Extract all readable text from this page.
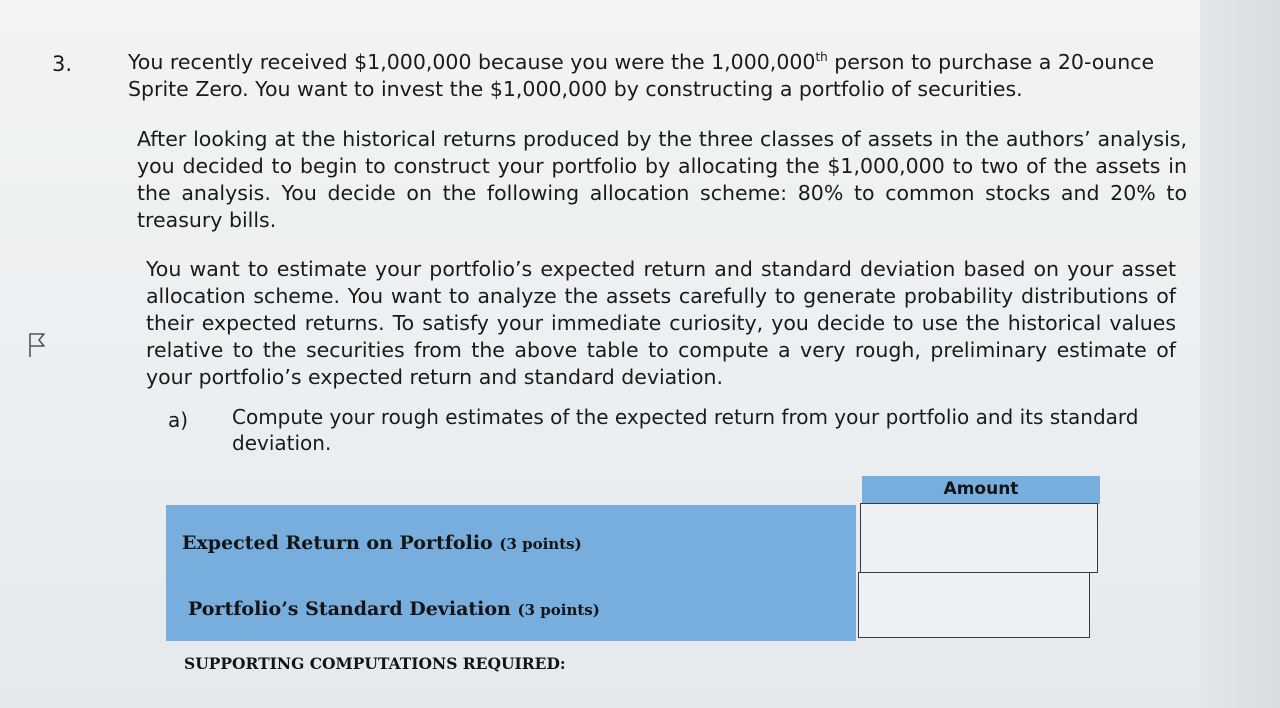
3.	You recently received $1,000,000 because you were the 1,000,000th person to purchase a 20-ounce Sprite Zero. You want to invest the $1,000,000 by constructing a portfolio of securities.

After looking at the historical returns produced by the three classes of assets in the authors’ analysis, you decided to begin to construct your portfolio by allocating the $1,000,000 to two of the assets in the analysis. You decide on the following allocation scheme: 80% to common stocks and 20% to treasury bills.

You want to estimate your portfolio’s expected return and standard deviation based on your asset allocation scheme. You want to analyze the assets carefully to generate probability distributions of their expected returns. To satisfy your immediate curiosity, you decide to use the historical values relative to the securities from the above table to compute a very rough, preliminary estimate of your portfolio’s expected return and standard deviation.

a) Compute your rough estimates of the expected return from your portfolio and its standard deviation.
Amount
Expected Return on Portfolio (3 points)
Portfolio’s Standard Deviation (3 points)
SUPPORTING COMPUTATIONS REQUIRED:
